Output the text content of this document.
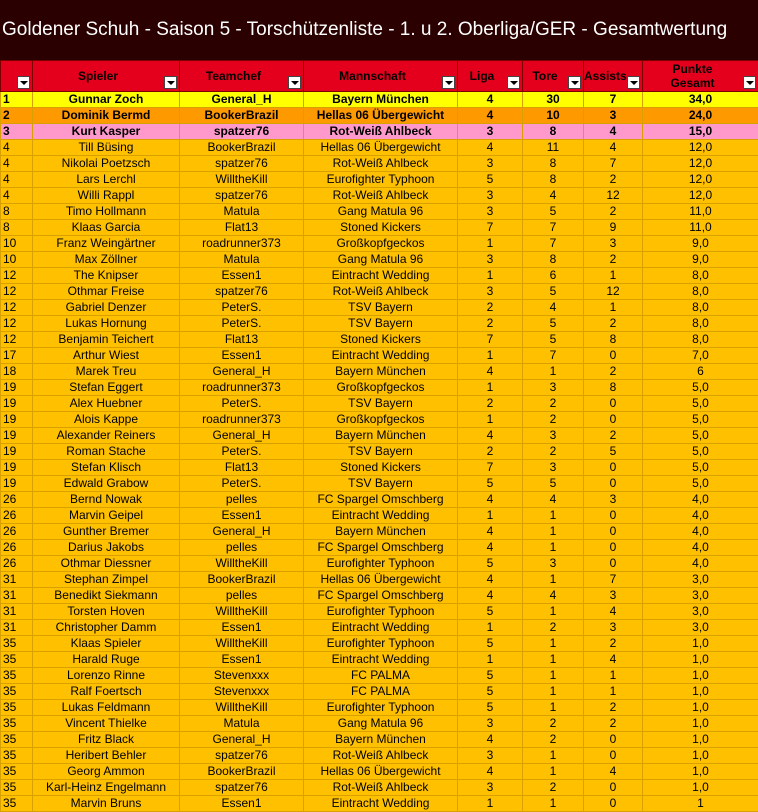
Goldener Schuh - Saison 5 - Torschützenliste - 1. u 2. Oberliga/GER - Gesamtwertung

	Spieler	Teamchef	Mannschaft	Liga	Tore	Assists	Punkte
Gesamt

1	Gunnar Zoch	General_H	Bayern München	4	30	7	34,0
2	Dominik Bermd	BookerBrazil	Hellas 06 Übergewicht	4	10	3	24,0
3	Kurt Kasper	spatzer76	Rot-Weiß Ahlbeck	3	8	4	15,0
4	Till Büsing	BookerBrazil	Hellas 06 Übergewicht	4	11	4	12,0
4	Nikolai Poetzsch	spatzer76	Rot-Weiß Ahlbeck	3	8	7	12,0
4	Lars Lerchl	WilltheKill	Eurofighter Typhoon	5	8	2	12,0
4	Willi Rappl	spatzer76	Rot-Weiß Ahlbeck	3	4	12	12,0
8	Timo Hollmann	Matula	Gang Matula 96	3	5	2	11,0
8	Klaas Garcia	Flat13	Stoned Kickers	7	7	9	11,0
10	Franz Weingärtner	roadrunner373	Großkopfgeckos	1	7	3	9,0
10	Max Zöllner	Matula	Gang Matula 96	3	8	2	9,0
12	The Knipser	Essen1	Eintracht Wedding	1	6	1	8,0
12	Othmar Freise	spatzer76	Rot-Weiß Ahlbeck	3	5	12	8,0
12	Gabriel Denzer	PeterS.	TSV Bayern	2	4	1	8,0
12	Lukas Hornung	PeterS.	TSV Bayern	2	5	2	8,0
12	Benjamin Teichert	Flat13	Stoned Kickers	7	5	8	8,0
17	Arthur Wiest	Essen1	Eintracht Wedding	1	7	0	7,0
18	Marek Treu	General_H	Bayern München	4	1	2	6
19	Stefan Eggert	roadrunner373	Großkopfgeckos	1	3	8	5,0
19	Alex Huebner	PeterS.	TSV Bayern	2	2	0	5,0
19	Alois Kappe	roadrunner373	Großkopfgeckos	1	2	0	5,0
19	Alexander Reiners	General_H	Bayern München	4	3	2	5,0
19	Roman Stache	PeterS.	TSV Bayern	2	2	5	5,0
19	Stefan Klisch	Flat13	Stoned Kickers	7	3	0	5,0
19	Edwald Grabow	PeterS.	TSV Bayern	5	5	0	5,0
26	Bernd Nowak	pelles	FC Spargel Omschberg	4	4	3	4,0
26	Marvin Geipel	Essen1	Eintracht Wedding	1	1	0	4,0
26	Gunther Bremer	General_H	Bayern München	4	1	0	4,0
26	Darius Jakobs	pelles	FC Spargel Omschberg	4	1	0	4,0
26	Othmar Diessner	WilltheKill	Eurofighter Typhoon	5	3	0	4,0
31	Stephan Zimpel	BookerBrazil	Hellas 06 Übergewicht	4	1	7	3,0
31	Benedikt Siekmann	pelles	FC Spargel Omschberg	4	4	3	3,0
31	Torsten Hoven	WilltheKill	Eurofighter Typhoon	5	1	4	3,0
31	Christopher Damm	Essen1	Eintracht Wedding	1	2	3	3,0
35	Klaas Spieler	WilltheKill	Eurofighter Typhoon	5	1	2	1,0
35	Harald Ruge	Essen1	Eintracht Wedding	1	1	4	1,0
35	Lorenzo Rinne	Stevenxxx	FC PALMA	5	1	1	1,0
35	Ralf Foertsch	Stevenxxx	FC PALMA	5	1	1	1,0
35	Lukas Feldmann	WilltheKill	Eurofighter Typhoon	5	1	2	1,0
35	Vincent Thielke	Matula	Gang Matula 96	3	2	2	1,0
35	Fritz Black	General_H	Bayern München	4	2	0	1,0
35	Heribert Behler	spatzer76	Rot-Weiß Ahlbeck	3	1	0	1,0
35	Georg Ammon	BookerBrazil	Hellas 06 Übergewicht	4	1	4	1,0
35	Karl-Heinz Engelmann	spatzer76	Rot-Weiß Ahlbeck	3	2	0	1,0
35	Marvin Bruns	Essen1	Eintracht Wedding	1	1	0	1
